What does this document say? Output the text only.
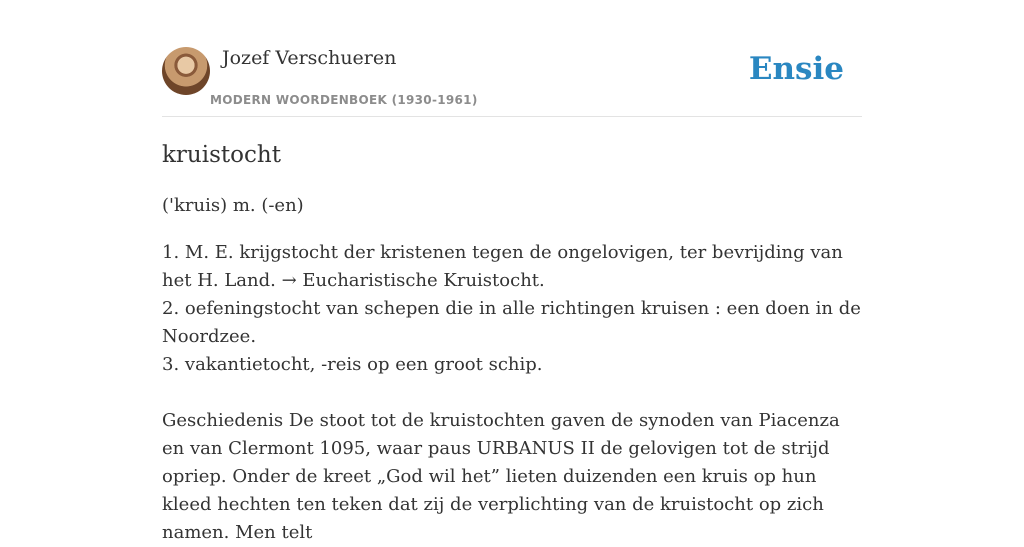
Jozef Verschueren
MODERN WOORDENBOEK (1930-1961)
Ensie
kruistocht
('kruis) m. (-en)

1. M. E. krijgstocht der kristenen tegen de ongelovigen, ter bevrijding van het H. Land. → Eucharistische Kruistocht.

2. oefeningstocht van schepen die in alle richtingen kruisen : een doen in de Noordzee.

3. vakantietocht, -reis op een groot schip.

Geschiedenis De stoot tot de kruistochten gaven de synoden van Piacenza en van Clermont 1095, waar paus URBANUS II de gelovigen tot de strijd opriep. Onder de kreet „God wil het” lieten duizenden een kruis op hun kleed hechten ten teken dat zij de verplichting van de kruistocht op zich namen. Men telt
